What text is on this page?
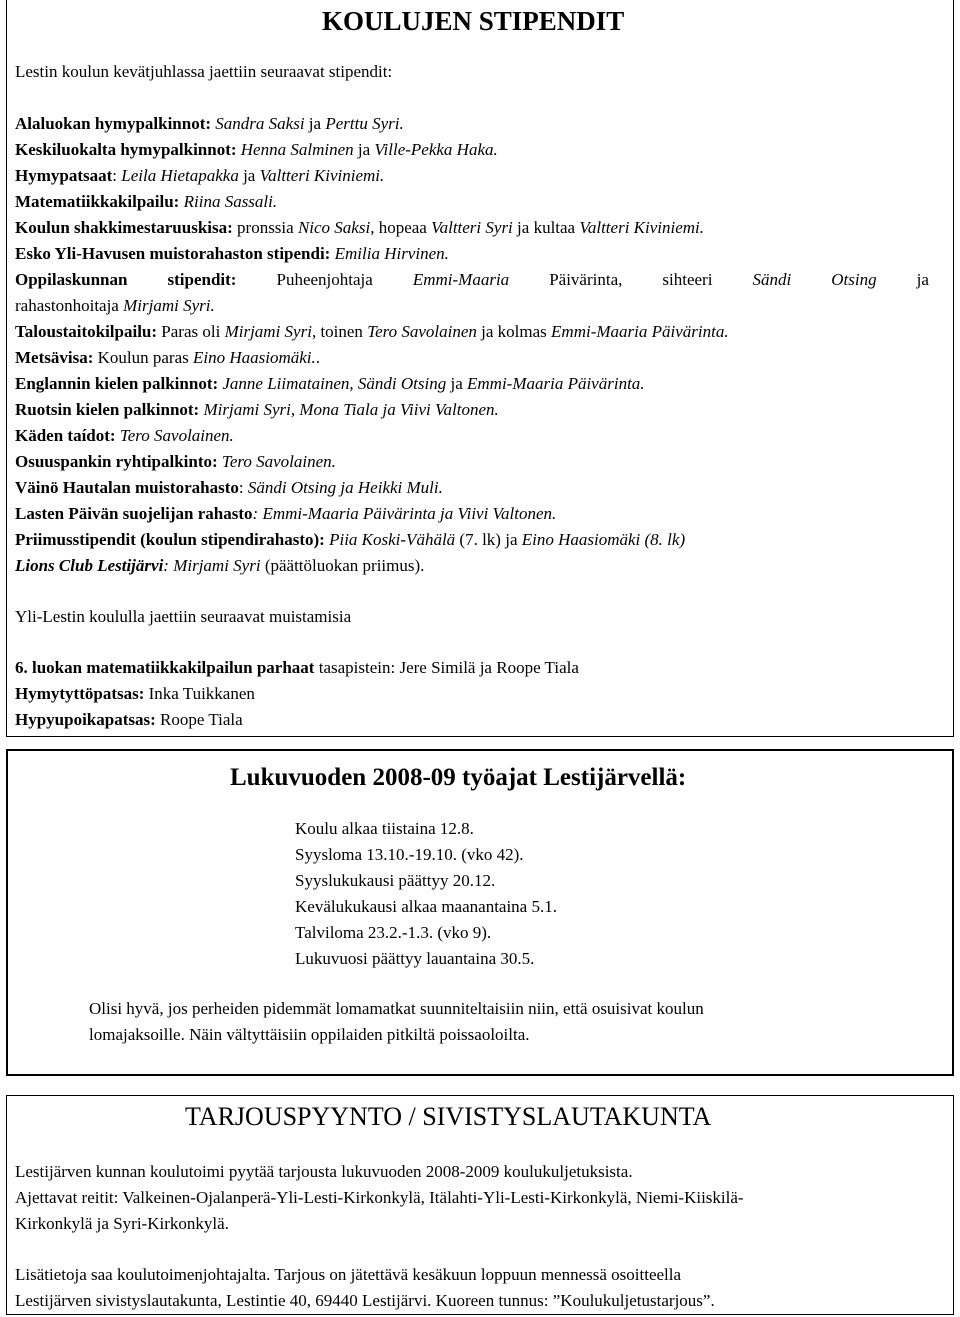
KOULUJEN STIPENDIT
Lestin koulun kevätjuhlassa jaettiin seuraavat stipendit:
Alaluokan hymypalkinnot: Sandra Saksi ja Perttu Syri.
Keskiluokalta hymypalkinnot: Henna Salminen ja Ville-Pekka Haka.
Hymypatsaat: Leila Hietapakka ja Valtteri Kiviniemi.
Matematiikkakilpailu: Riina Sassali.
Koulun shakkimestaruuskisa: pronssia Nico Saksi, hopeaa Valtteri Syri ja kultaa Valtteri Kiviniemi.
Esko Yli-Havusen muistorahaston stipendi: Emilia Hirvinen.
Oppilaskunnan stipendit: Puheenjohtaja Emmi-Maaria Päivärinta, sihteeri Sändi Otsing ja
rahastonhoitaja Mirjami Syri.
Taloustaitokilpailu: Paras oli Mirjami Syri, toinen Tero Savolainen ja kolmas Emmi-Maaria Päivärinta.
Metsävisa: Koulun paras Eino Haasiomäki..
Englannin kielen palkinnot: Janne Liimatainen, Sändi Otsing ja Emmi-Maaria Päivärinta.
Ruotsin kielen palkinnot: Mirjami Syri, Mona Tiala ja Viivi Valtonen.
Käden taídot: Tero Savolainen.
Osuuspankin ryhtipalkinto: Tero Savolainen.
Väinö Hautalan muistorahasto: Sändi Otsing ja Heikki Muli.
Lasten Päivän suojelijan rahasto: Emmi-Maaria Päivärinta ja Viivi Valtonen.
Priimusstipendit (koulun stipendirahasto): Piia Koski-Vähälä (7. lk) ja Eino Haasiomäki (8. lk)
Lions Club Lestijärvi: Mirjami Syri (päättöluokan priimus).
Yli-Lestin koululla jaettiin seuraavat muistamisia
6. luokan matematiikkakilpailun parhaat tasapistein: Jere Similä ja Roope Tiala
Hymytyttöpatsas: Inka Tuikkanen
Hypyupoikapatsas: Roope Tiala
Lukuvuoden 2008-09 työajat Lestijärvellä:
Koulu alkaa tiistaina 12.8.
Syysloma 13.10.-19.10. (vko 42).
Syyslukukausi päättyy 20.12.
Kevälukukausi alkaa maanantaina 5.1.
Talviloma 23.2.-1.3. (vko 9).
Lukuvuosi päättyy lauantaina 30.5.
Olisi hyvä, jos perheiden pidemmät lomamatkat suunniteltaisiin niin, että osuisivat koulun
lomajaksoille. Näin vältyttäisiin oppilaiden pitkiltä poissaoloilta.
TARJOUSPYYNTO / SIVISTYSLAUTAKUNTA
Lestijärven kunnan koulutoimi pyytää tarjousta lukuvuoden 2008-2009 koulukuljetuksista.
Ajettavat reitit: Valkeinen-Ojalanperä-Yli-Lesti-Kirkonkylä, Itälahti-Yli-Lesti-Kirkonkylä, Niemi-Kiiskilä-
Kirkonkylä ja Syri-Kirkonkylä.
Lisätietoja saa koulutoimenjohtajalta. Tarjous on jätettävä kesäkuun loppuun mennessä osoitteella
Lestijärven sivistyslautakunta, Lestintie 40, 69440 Lestijärvi. Kuoreen tunnus: ”Koulukuljetustarjous”.
